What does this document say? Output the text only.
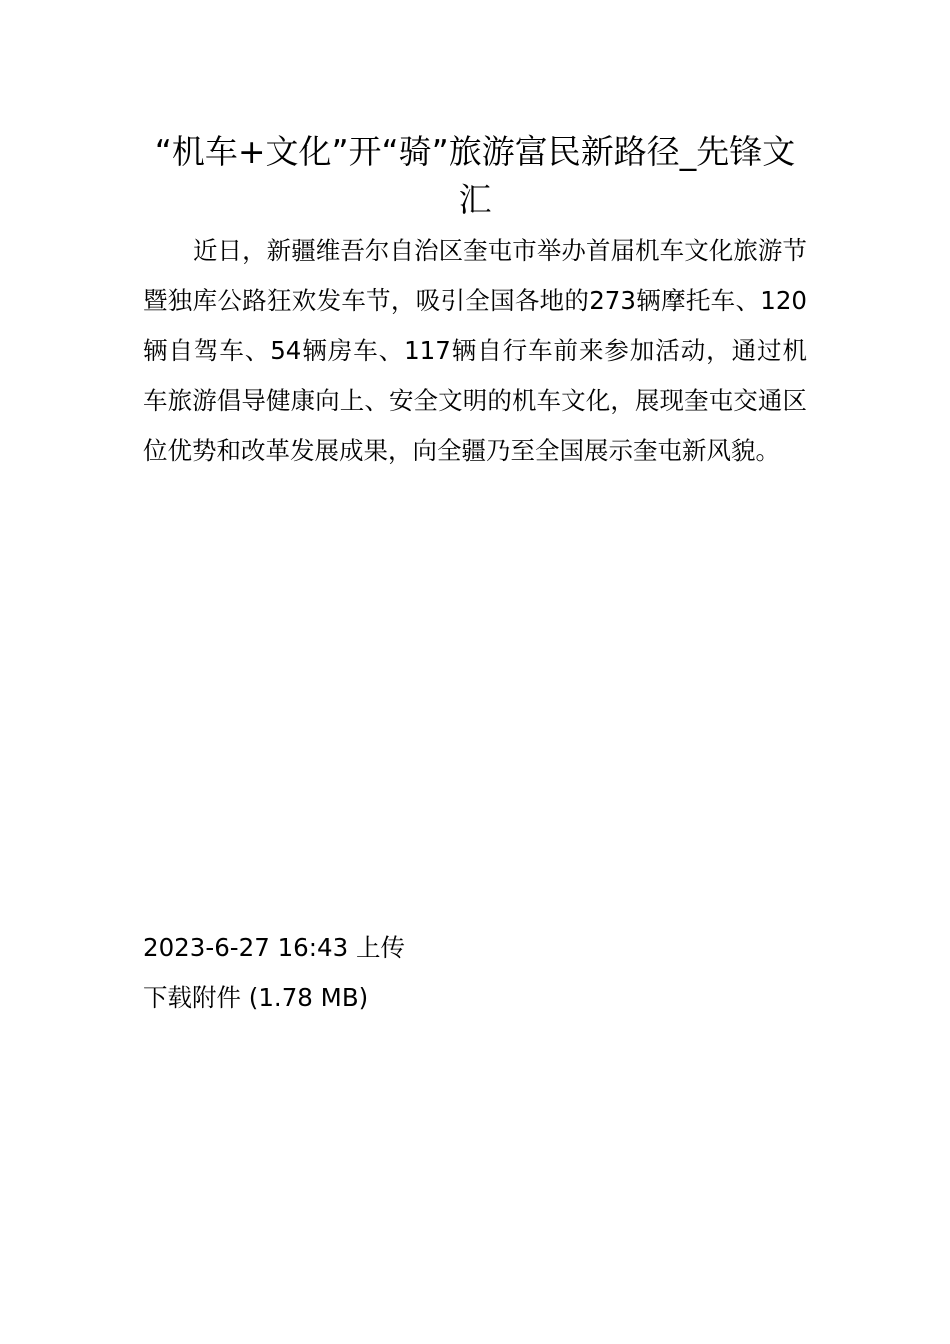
“机车+文化”开“骑”旅游富民新路径_先锋文汇

近日，新疆维吾尔自治区奎屯市举办首届机车文化旅游节暨独库公路狂欢发车节，吸引全国各地的273辆摩托车、120辆自驾车、54辆房车、117辆自行车前来参加活动，通过机车旅游倡导健康向上、安全文明的机车文化，展现奎屯交通区位优势和改革发展成果，向全疆乃至全国展示奎屯新风貌。

2023-6-27 16:43 上传

下载附件 (1.78 MB)
